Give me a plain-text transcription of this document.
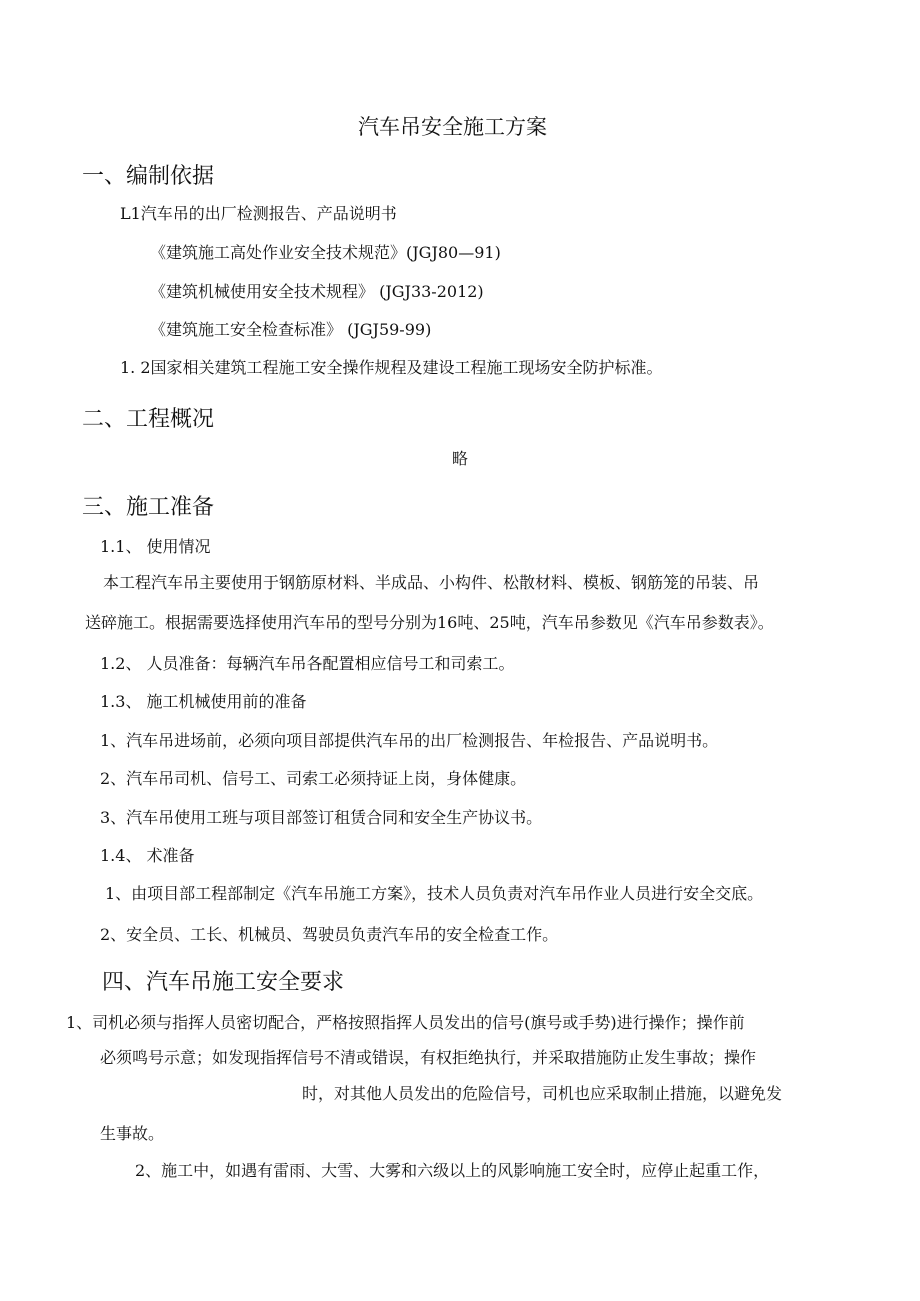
汽车吊安全施工方案
一、编制依据
L1汽车吊的出厂检测报告、产品说明书
《建筑施工高处作业安全技术规范》(JGJ80—91)
《建筑机械使用安全技术规程》 (JGJ33-2012)
《建筑施工安全检查标准》 (JGJ59-99)
1. 2国家相关建筑工程施工安全操作规程及建设工程施工现场安全防护标准。
二、工程概况
略
三、施工准备
1.1、 使用情况
本工程汽车吊主要使用于钢筋原材料、半成品、小构件、松散材料、模板、钢筋笼的吊装、吊
送碎施工。根据需要选择使用汽车吊的型号分别为16吨、25吨，汽车吊参数见《汽车吊参数表》。
1.2、 人员准备：每辆汽车吊各配置相应信号工和司索工。
1.3、 施工机械使用前的准备
1、汽车吊进场前，必须向项目部提供汽车吊的出厂检测报告、年检报告、产品说明书。
2、汽车吊司机、信号工、司索工必须持证上岗，身体健康。
3、汽车吊使用工班与项目部签订租赁合同和安全生产协议书。
1.4、 术准备
1、由项目部工程部制定《汽车吊施工方案》，技术人员负责对汽车吊作业人员进行安全交底。
2、安全员、工长、机械员、驾驶员负责汽车吊的安全检查工作。
四、汽车吊施工安全要求
1、司机必须与指挥人员密切配合，严格按照指挥人员发出的信号(旗号或手势)进行操作；操作前
必须鸣号示意；如发现指挥信号不清或错误，有权拒绝执行，并采取措施防止发生事故；操作
时，对其他人员发出的危险信号，司机也应采取制止措施，以避免发
生事故。
2、施工中，如遇有雷雨、大雪、大雾和六级以上的风影响施工安全时，应停止起重工作，
